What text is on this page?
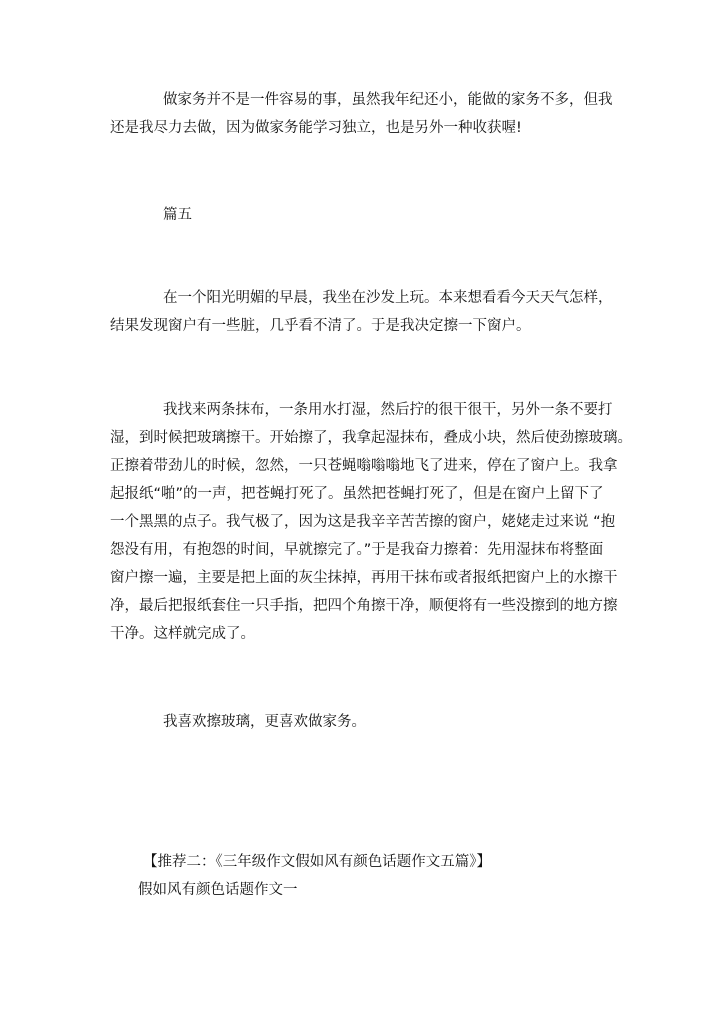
做家务并不是一件容易的事，虽然我年纪还小，能做的家务不多，但我
还是我尽力去做，因为做家务能学习独立，也是另外一种收获喔!
篇五
在一个阳光明媚的早晨，我坐在沙发上玩。本来想看看今天天气怎样，
结果发现窗户有一些脏，几乎看不清了。于是我决定擦一下窗户。
我找来两条抹布，一条用水打湿，然后拧的很干很干，另外一条不要打
湿，到时候把玻璃擦干。开始擦了，我拿起湿抹布，叠成小块，然后使劲擦玻璃。
正擦着带劲儿的时候，忽然，一只苍蝇嗡嗡嗡地飞了进来，停在了窗户上。我拿
起报纸“啪”的一声，把苍蝇打死了。虽然把苍蝇打死了，但是在窗户上留下了
一个黑黑的点子。我气极了，因为这是我辛辛苦苦擦的窗户，姥姥走过来说 “抱
怨没有用，有抱怨的时间，早就擦完了。”于是我奋力擦着：先用湿抹布将整面
窗户擦一遍，主要是把上面的灰尘抹掉，再用干抹布或者报纸把窗户上的水擦干
净，最后把报纸套住一只手指，把四个角擦干净，顺便将有一些没擦到的地方擦
干净。这样就完成了。
我喜欢擦玻璃，更喜欢做家务。
【推荐二：《三年级作文假如风有颜色话题作文五篇》】
假如风有颜色话题作文一
